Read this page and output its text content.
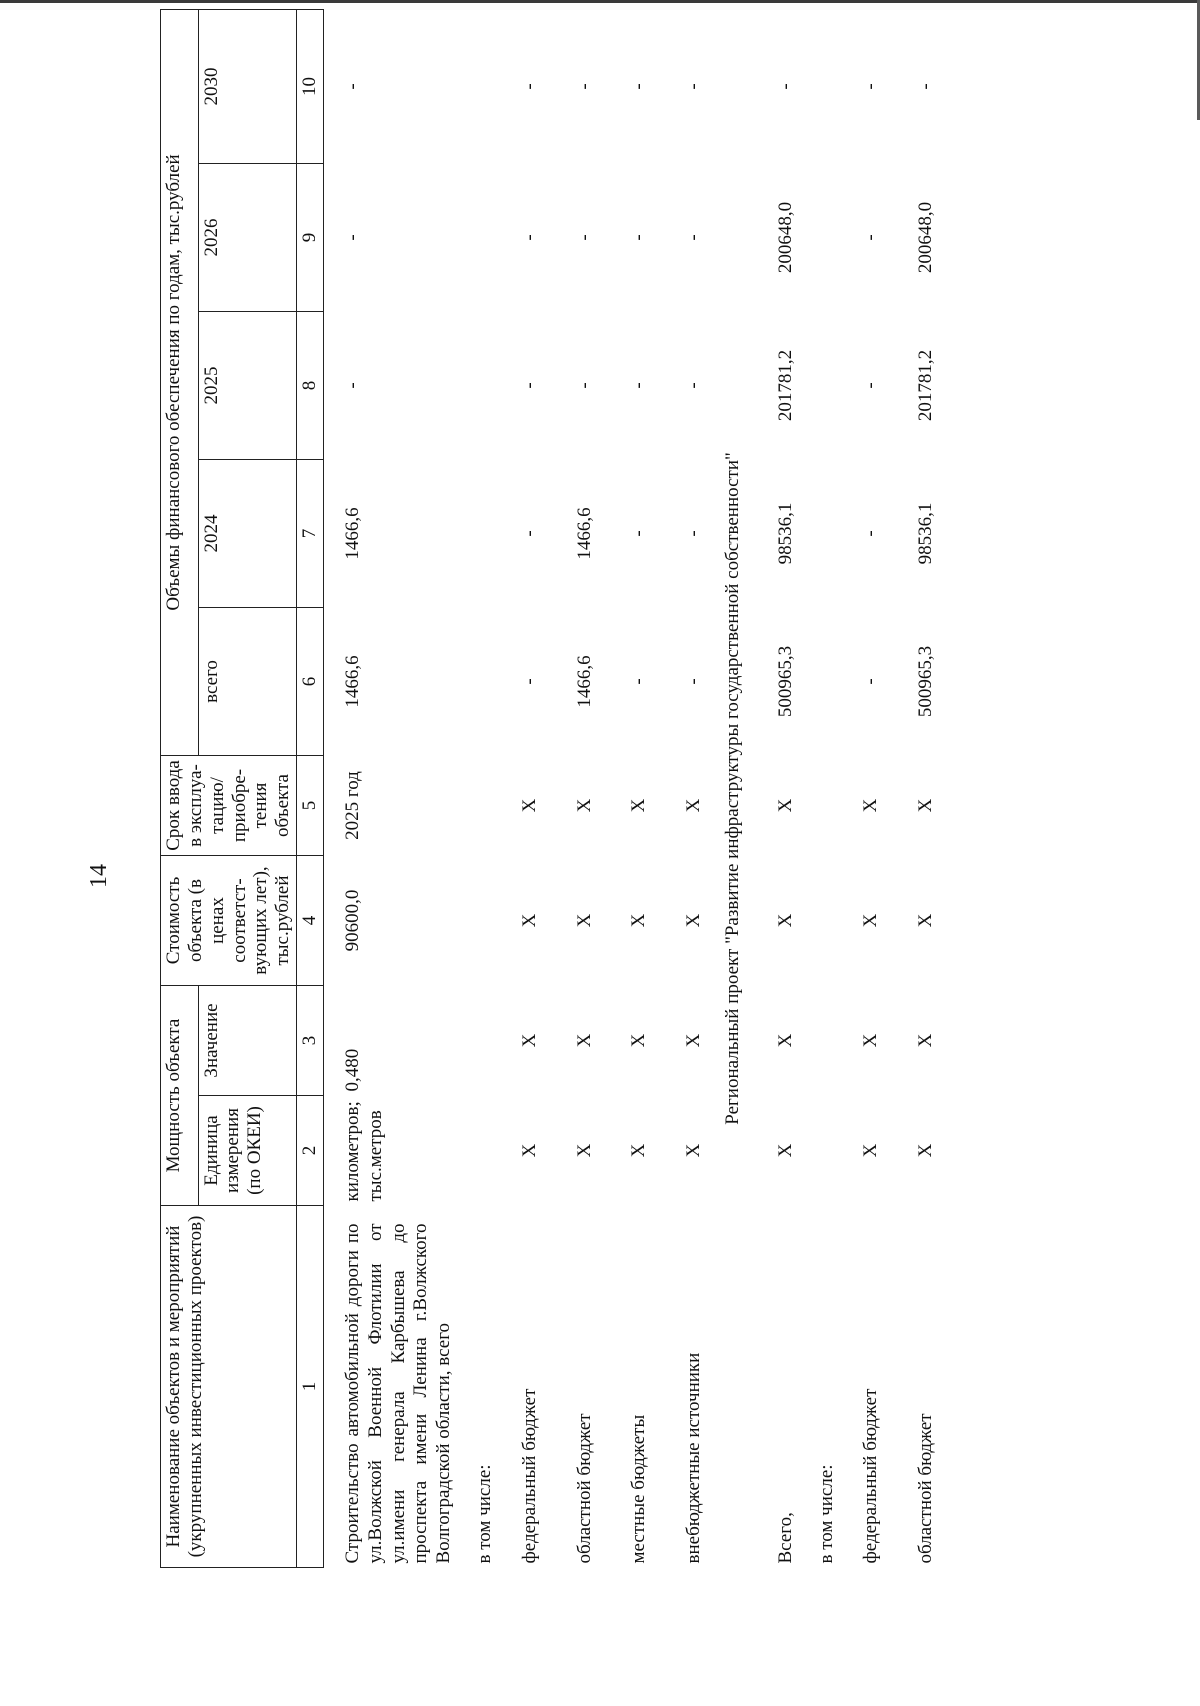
14
Наименование объектов и мероприятий (укрупненных инвестиционных проектов)	Мощность объекта		Стоимость объекта (в ценах соответст-вующих лет), тыс.рублей	Срок ввода в эксплуа-тацию/ приобре-тения объекта	Объемы финансового обеспечения по годам, тыс.рублей				
	Единица измерения (по ОКЕИ)	Значение			всего	2024	2025	2026	2030
1	2	3	4	5	6	7	8	9	10

Строительство автомобильной дороги по ул.Волжской Военной Флотилии от ул.имени генерала Карбышева до проспекта имени Ленина г.Волжского Волгоградской области, всего	километров; тыс.метров	0,480	90600,0	2025 год	1466,6	1466,6	-	-	-
в том числе:									
федеральный бюджет	X	X	X	X	-	-	-	-	-
областной бюджет	X	X	X	X	1466,6	1466,6	-	-	-
местные бюджеты	X	X	X	X	-	-	-	-	-
внебюджетные источники	X	X	X	X	-	-	-	-	-
Региональный проект "Развитие инфраструктуры государственной собственности"									
Всего,	X	X	X	X	500965,3	98536,1	201781,2	200648,0	-
в том числе:									
федеральный бюджет	X	X	X	X	-	-	-	-	-
областной бюджет	X	X	X	X	500965,3	98536,1	201781,2	200648,0	-
